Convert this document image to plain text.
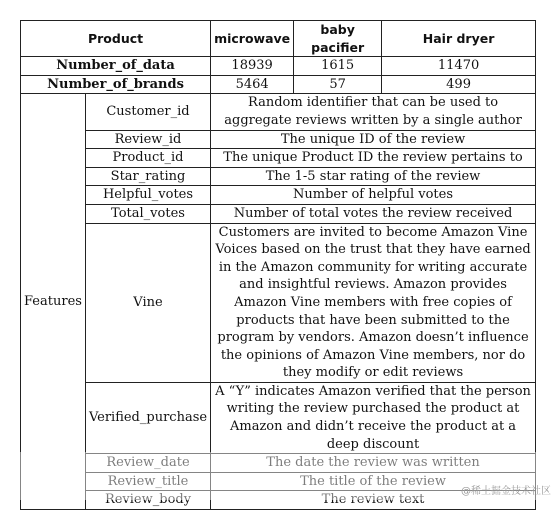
Product		microwave	baby pacifier	Hair dryer
Number_of_data		18939	1615	11470
Number_of_brands		5464	57	499
Features	Customer_id	Random identifier that can be used to aggregate reviews written by a single author		
	Review_id	The unique ID of the review		
	Product_id	The unique Product ID the review pertains to		
	Star_rating	The 1-5 star rating of the review		
	Helpful_votes	Number of helpful votes		
	Total_votes	Number of total votes the review received		
	Vine	Customers are invited to become Amazon Vine Voices based on the trust that they have earned in the Amazon community for writing accurate and insightful reviews. Amazon provides Amazon Vine members with free copies of products that have been submitted to the program by vendors. Amazon doesn’t influence the opinions of Amazon Vine members, nor do they modify or edit reviews		
	Verified_purchase	A “Y” indicates Amazon verified that the person writing the review purchased the product at Amazon and didn’t receive the product at a deep discount		
	Review_date	The date the review was written		
	Review_title	The title of the review		
	Review_body	The review text		
@稀土掘金技术社区
